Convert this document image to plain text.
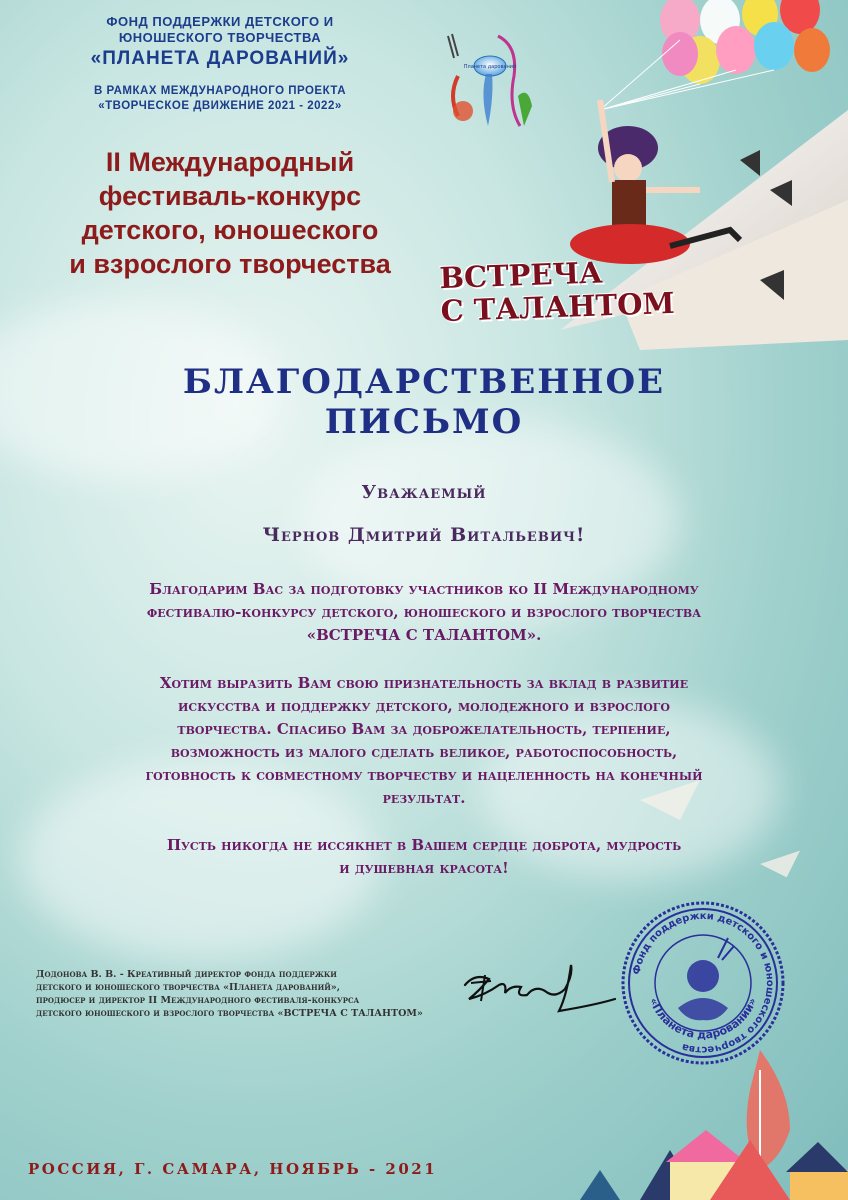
ФОНД ПОДДЕРЖКИ ДЕТСКОГО И
ЮНОШЕСКОГО ТВОРЧЕСТВА
«ПЛАНЕТА ДАРОВАНИЙ»
В РАМКАХ МЕЖДУНАРОДНОГО ПРОЕКТА
«ТВОРЧЕСКОЕ ДВИЖЕНИЕ 2021 - 2022»
Планета дарований
ВСТРЕЧА
С ТАЛАНТОМ
II Международный
фестиваль-конкурс
детского, юношеского
и взрослого творчества
БЛАГОДАРСТВЕННОЕ
ПИСЬМО
Уважаемый
Чернов Дмитрий Витальевич!
Благодарим Вас за подготовку участников ко II Международному
фестивалю-конкурсу детского, юношеского и взрослого творчества
«ВСТРЕЧА С ТАЛАНТОМ».
Хотим выразить Вам свою признательность за вклад в развитие
искусства и поддержку детского, молодежного и взрослого
творчества. Спасибо Вам за доброжелательность, терпение,
возможность из малого сделать великое, работоспособность,
готовность к совместному творчеству и нацеленность на конечный
результат.
Пусть никогда не иссякнет в Вашем сердце доброта, мудрость
и душевная красота!
Додонова В. В. - Креативный директор фонда поддержки
детского и юношеского творчества «Планета дарований»,
продюсер и директор II Международного фестиваля-конкурса
детского юношеского и взрослого творчества «ВСТРЕЧА С ТАЛАНТОМ»
Фонд поддержки детского и юношеского творчества
«Планета дарований»
РОССИЯ, Г. САМАРА, НОЯБРЬ - 2021
